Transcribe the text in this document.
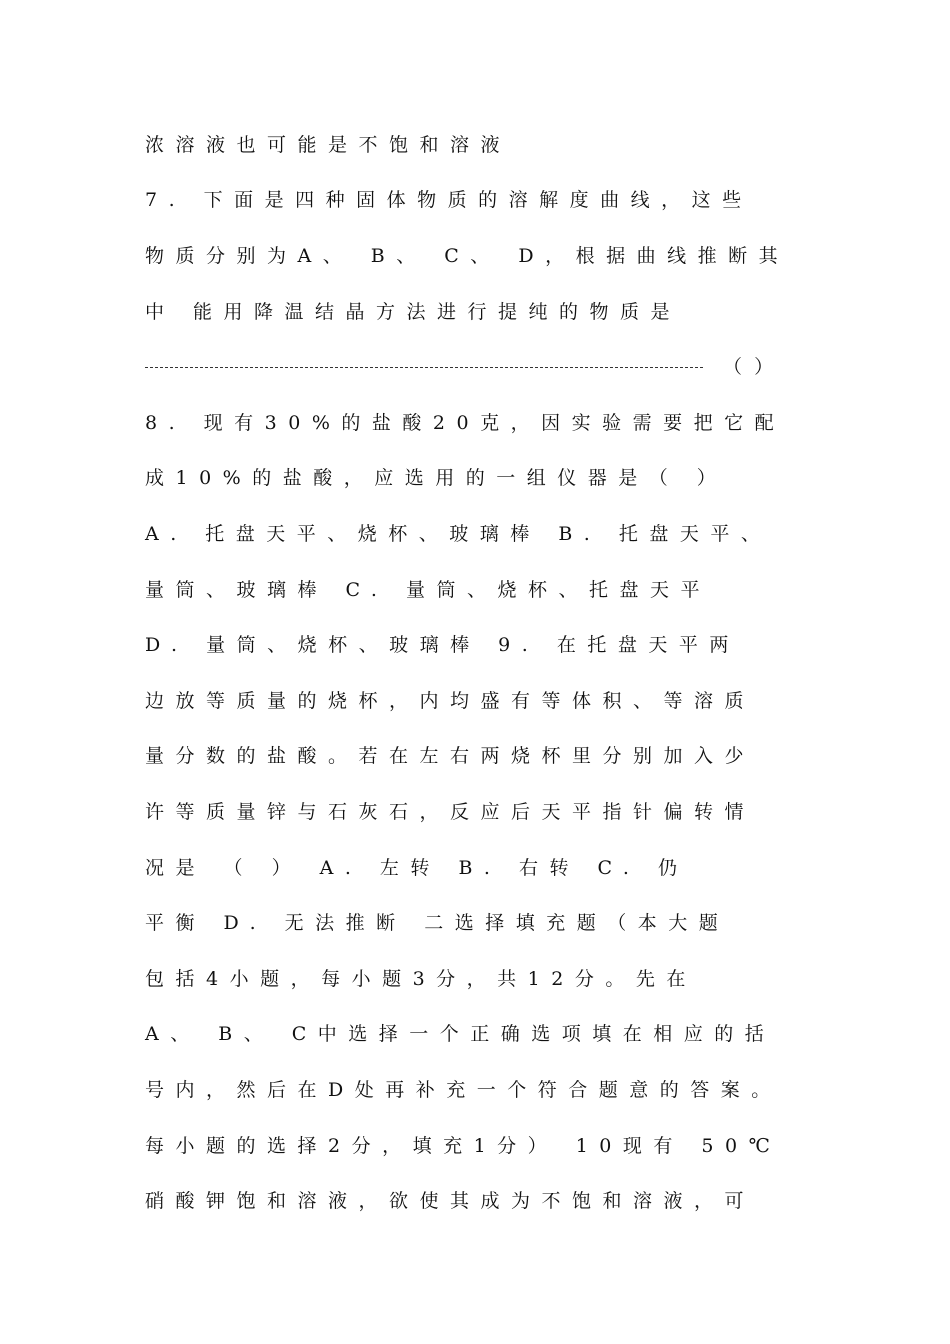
浓溶液也可能是不饱和溶液
7. 下面是四种固体物质的溶解度曲线，这些
物质分别为A、 B、 C、 D，根据曲线推断其
中 能用降温结晶方法进行提纯的物质是
（  ）
8. 现有30%的盐酸20克，因实验需要把它配
成10%的盐酸，应选用的一组仪器是（ ）
A. 托盘天平、烧杯、玻璃棒 B. 托盘天平、
量筒、玻璃棒 C. 量筒、烧杯、托盘天平
D. 量筒、烧杯、玻璃棒 9. 在托盘天平两
边放等质量的烧杯，内均盛有等体积、等溶质
量分数的盐酸。若在左右两烧杯里分别加入少
许等质量锌与石灰石，反应后天平指针偏转情
况是 （ ） A. 左转 B. 右转 C. 仍
平衡 D. 无法推断 二选择填充题（本大题
包括4小题，每小题3分，共12分。先在
A、 B、 C中选择一个正确选项填在相应的括
号内，然后在D处再补充一个符合题意的答案。
每小题的选择2分，填充1分） 10现有 50℃
硝酸钾饱和溶液，欲使其成为不饱和溶液，可
